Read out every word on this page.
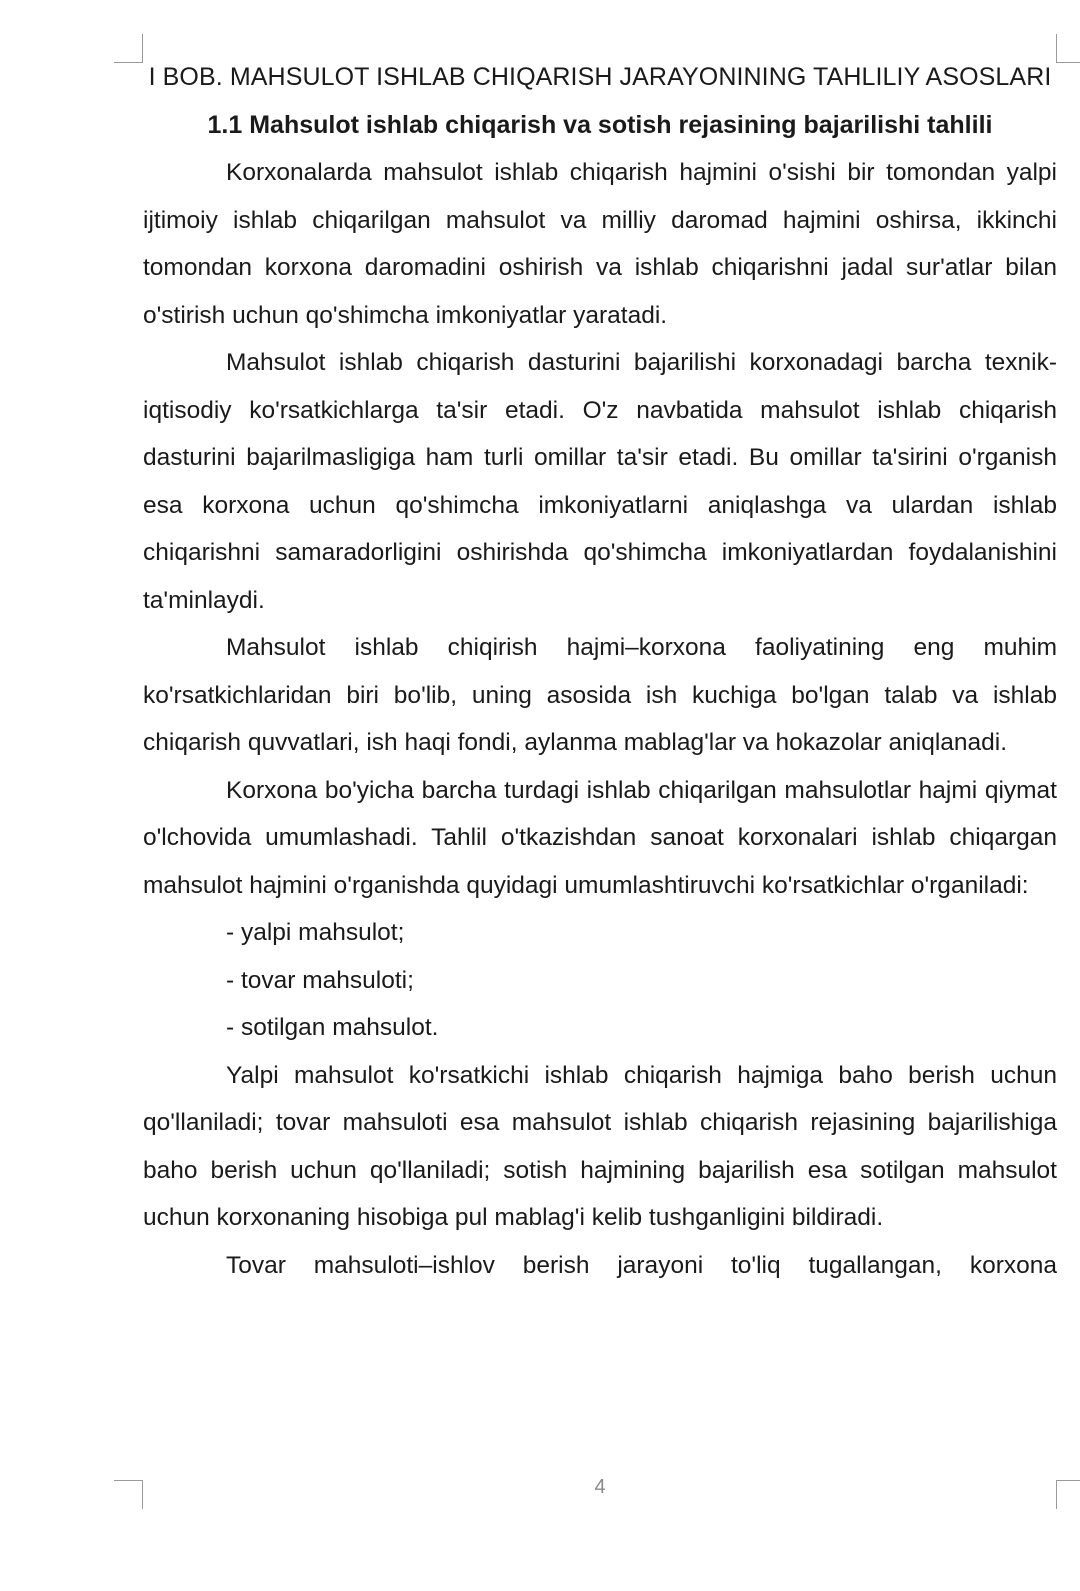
I BOB. MAHSULOT ISHLAB CHIQARISH JARAYONINING TAHLILIY ASOSLARI
1.1 Mahsulot ishlab chiqarish va sotish rejasining bajarilishi tahlili

Korxonalarda mahsulot ishlab chiqarish hajmini o'sishi bir tomondan yalpi ijtimoiy ishlab chiqarilgan mahsulot va milliy daromad hajmini oshirsa, ikkinchi tomondan korxona daromadini oshirish va ishlab chiqarishni jadal sur'atlar bilan o'stirish uchun qo'shimcha imkoniyatlar yaratadi.

Mahsulot ishlab chiqarish dasturini bajarilishi korxonadagi barcha texnik-iqtisodiy ko'rsatkichlarga ta'sir etadi. O'z navbatida mahsulot ishlab chiqarish dasturini bajarilmasligiga ham turli omillar ta'sir etadi. Bu omillar ta'sirini o'rganish esa korxona uchun qo'shimcha imkoniyatlarni aniqlashga va ulardan ishlab chiqarishni samaradorligini oshirishda qo'shimcha imkoniyatlardan foydalanishini ta'minlaydi.

Mahsulot ishlab chiqirish hajmi–korxona faoliyatining eng muhim ko'rsatkichlaridan biri bo'lib, uning asosida ish kuchiga bo'lgan talab va ishlab chiqarish quvvatlari, ish haqi fondi, aylanma mablag'lar va hokazolar aniqlanadi.

Korxona bo'yicha barcha turdagi ishlab chiqarilgan mahsulotlar hajmi qiymat o'lchovida umumlashadi. Tahlil o'tkazishdan sanoat korxonalari ishlab chiqargan mahsulot hajmini o'rganishda quyidagi umumlashtiruvchi ko'rsatkichlar o'rganiladi:

- yalpi mahsulot;

- tovar mahsuloti;

- sotilgan mahsulot.

Yalpi mahsulot ko'rsatkichi ishlab chiqarish hajmiga baho berish uchun qo'llaniladi; tovar mahsuloti esa mahsulot ishlab chiqarish rejasining bajarilishiga baho berish uchun qo'llaniladi; sotish hajmining bajarilish esa sotilgan mahsulot uchun korxonaning hisobiga pul mablag'i kelib tushganligini bildiradi.

Tovar mahsuloti–ishlov berish jarayoni to'liq tugallangan, korxona

4
